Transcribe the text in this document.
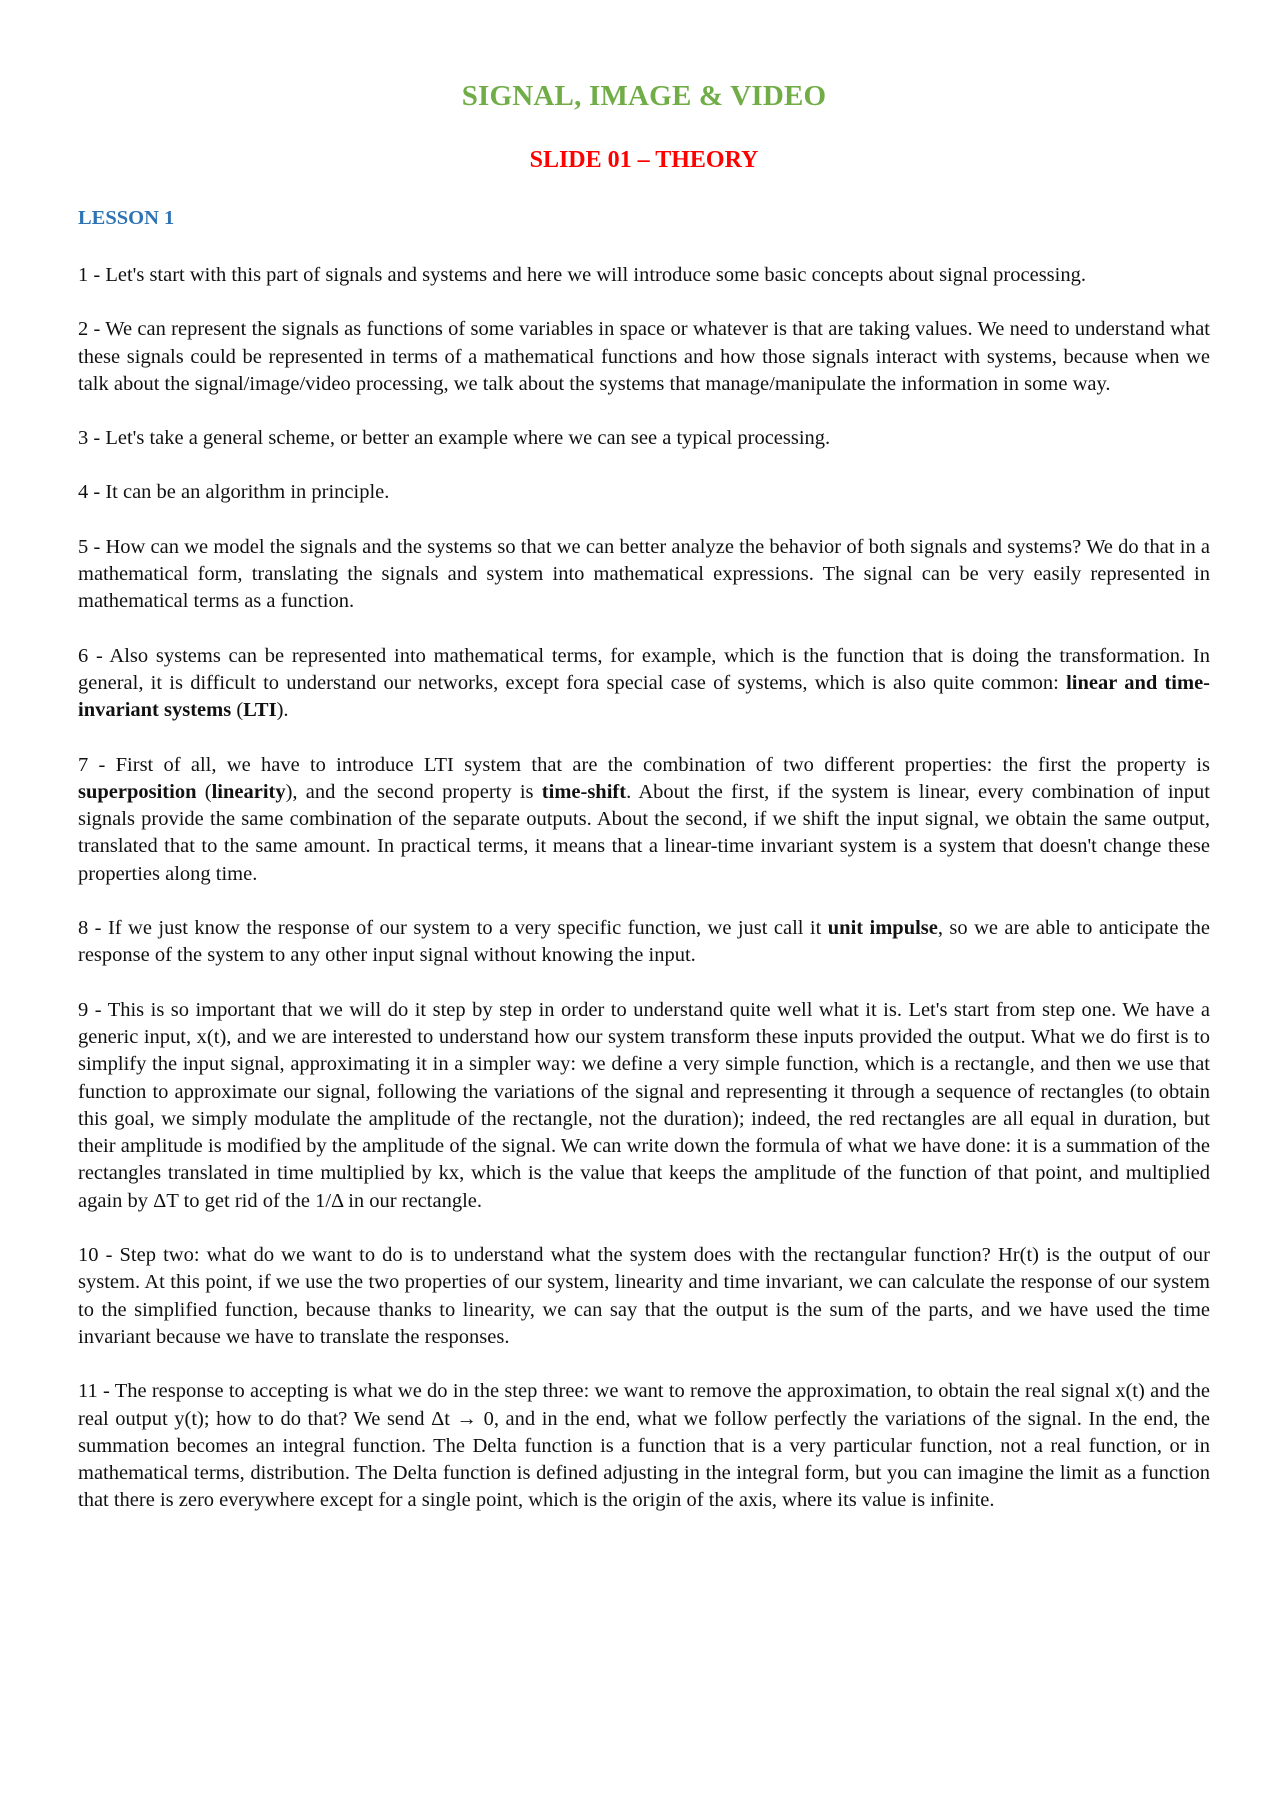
SIGNAL, IMAGE & VIDEO
SLIDE 01 – THEORY
LESSON 1

1 - Let's start with this part of signals and systems and here we will introduce some basic concepts about signal processing.

2 - We can represent the signals as functions of some variables in space or whatever is that are taking values. We need to understand what these signals could be represented in terms of a mathematical functions and how those signals interact with systems, because when we talk about the signal/image/video processing, we talk about the systems that manage/manipulate the information in some way.

3 - Let's take a general scheme, or better an example where we can see a typical processing.

4 - It can be an algorithm in principle.

5 - How can we model the signals and the systems so that we can better analyze the behavior of both signals and systems? We do that in a mathematical form, translating the signals and system into mathematical expressions. The signal can be very easily represented in mathematical terms as a function.

6 - Also systems can be represented into mathematical terms, for example, which is the function that is doing the transformation. In general, it is difficult to understand our networks, except fora special case of systems, which is also quite common: linear and time-invariant systems (LTI).

7 - First of all, we have to introduce LTI system that are the combination of two different properties: the first the property is superposition (linearity), and the second property is time-shift. About the first, if the system is linear, every combination of input signals provide the same combination of the separate outputs. About the second, if we shift the input signal, we obtain the same output, translated that to the same amount. In practical terms, it means that a linear-time invariant system is a system that doesn't change these properties along time.

8 - If we just know the response of our system to a very specific function, we just call it unit impulse, so we are able to anticipate the response of the system to any other input signal without knowing the input.

9 - This is so important that we will do it step by step in order to understand quite well what it is. Let's start from step one. We have a generic input, x(t), and we are interested to understand how our system transform these inputs provided the output. What we do first is to simplify the input signal, approximating it in a simpler way: we define a very simple function, which is a rectangle, and then we use that function to approximate our signal, following the variations of the signal and representing it through a sequence of rectangles (to obtain this goal, we simply modulate the amplitude of the rectangle, not the duration); indeed, the red rectangles are all equal in duration, but their amplitude is modified by the amplitude of the signal. We can write down the formula of what we have done: it is a summation of the rectangles translated in time multiplied by kx, which is the value that keeps the amplitude of the function of that point, and multiplied again by ΔT to get rid of the 1/Δ in our rectangle.

10 - Step two: what do we want to do is to understand what the system does with the rectangular function? Hr(t) is the output of our system. At this point, if we use the two properties of our system, linearity and time invariant, we can calculate the response of our system to the simplified function, because thanks to linearity, we can say that the output is the sum of the parts, and we have used the time invariant because we have to translate the responses.

11 - The response to accepting is what we do in the step three: we want to remove the approximation, to obtain the real signal x(t) and the real output y(t); how to do that? We send Δt → 0, and in the end, what we follow perfectly the variations of the signal. In the end, the summation becomes an integral function. The Delta function is a function that is a very particular function, not a real function, or in mathematical terms, distribution. The Delta function is defined adjusting in the integral form, but you can imagine the limit as a function that there is zero everywhere except for a single point, which is the origin of the axis, where its value is infinite.
